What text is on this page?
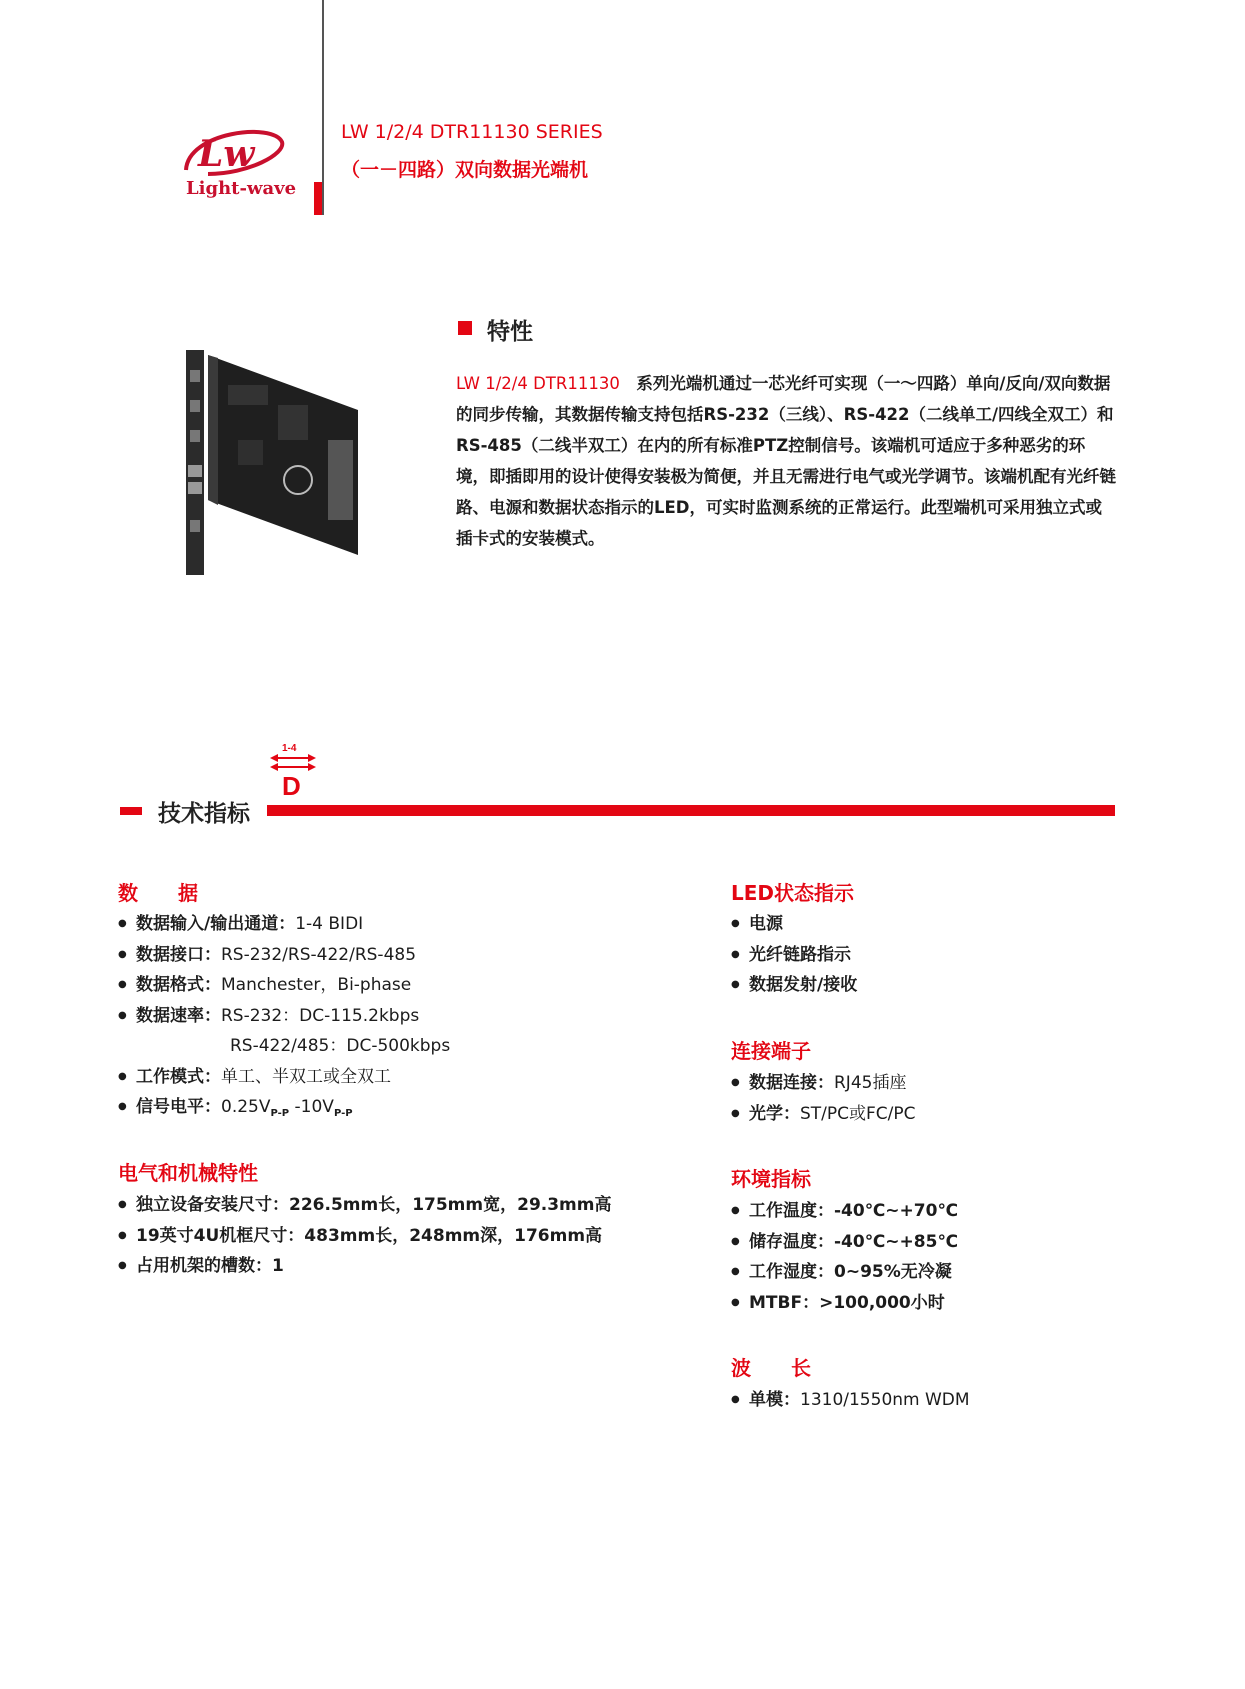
Lw
Light-wave
LW 1/2/4 DTR11130 SERIES
（一－四路）双向数据光端机
特性
LW 1/2/4 DTR11130　系列光端机通过一芯光纤可实现（一～四路）单向/反向/双向数据的同步传输，其数据传输支持包括RS-232（三线）、RS-422（二线单工/四线全双工）和RS-485（二线半双工）在内的所有标准PTZ控制信号。该端机可适应于多种恶劣的环境，即插即用的设计使得安装极为简便，并且无需进行电气或光学调节。该端机配有光纤链路、电源和数据状态指示的LED，可实时监测系统的正常运行。此型端机可采用独立式或插卡式的安装模式。
1-4
D
技术指标
数　　据
● 数据输入/输出通道：1-4 BIDI
● 数据接口：RS-232/RS-422/RS-485
● 数据格式：Manchester，Bi-phase
● 数据速率：RS-232：DC-115.2kbps
RS-422/485：DC-500kbps
● 工作模式：单工、半双工或全双工
● 信号电平：$0.25V_{P-P}$ $-10V_{P-P}$
电气和机械特性
● 独立设备安装尺寸：226.5mm长，175mm宽，29.3mm高
● 19英寸4U机框尺寸：483mm长，248mm深，176mm高
● 占用机架的槽数：1
LED状态指示
● 电源
● 光纤链路指示
● 数据发射/接收
连接端子
● 数据连接：RJ45插座
● 光学：ST/PC或FC/PC
环境指标
● 工作温度：-40℃~+70℃
● 储存温度：-40℃~+85℃
● 工作湿度：0~95%无冷凝
● MTBF：>100,000小时
波　　长
● 单模：1310/1550nm WDM
